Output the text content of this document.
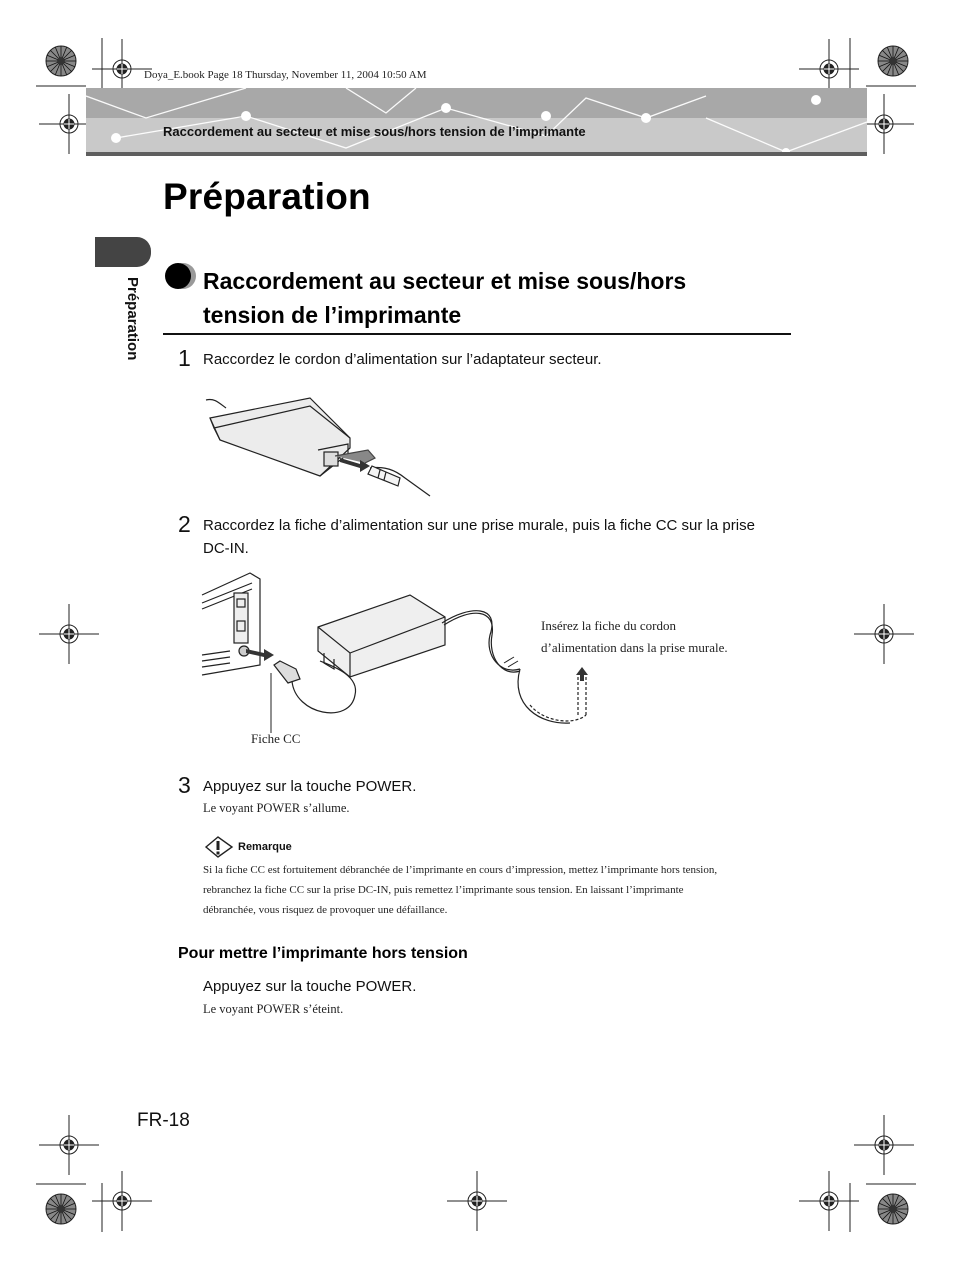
Doya_E.book Page 18 Thursday, November 11, 2004 10:50 AM
Raccordement au secteur et mise sous/hors tension de l’imprimante
Préparation
Préparation	Raccordement au secteur et mise sous/hors
tension de l’imprimante
1 Raccordez le cordon d’alimentation sur l’adaptateur secteur.
2 Raccordez la fiche d’alimentation sur une prise murale, puis la fiche CC sur la prise
DC-IN.
Insérez la fiche du cordon
d’alimentation dans la prise murale.
Fiche CC
3 Appuyez sur la touche POWER.
Le voyant POWER s’allume.
Remarque
Si la fiche CC est fortuitement débranchée de l’imprimante en cours d’impression, mettez l’imprimante hors tension,
rebranchez la fiche CC sur la prise DC-IN, puis remettez l’imprimante sous tension. En laissant l’imprimante
débranchée, vous risquez de provoquer une défaillance.
Pour mettre l’imprimante hors tension
Appuyez sur la touche POWER.
Le voyant POWER s’éteint.
FR-18
